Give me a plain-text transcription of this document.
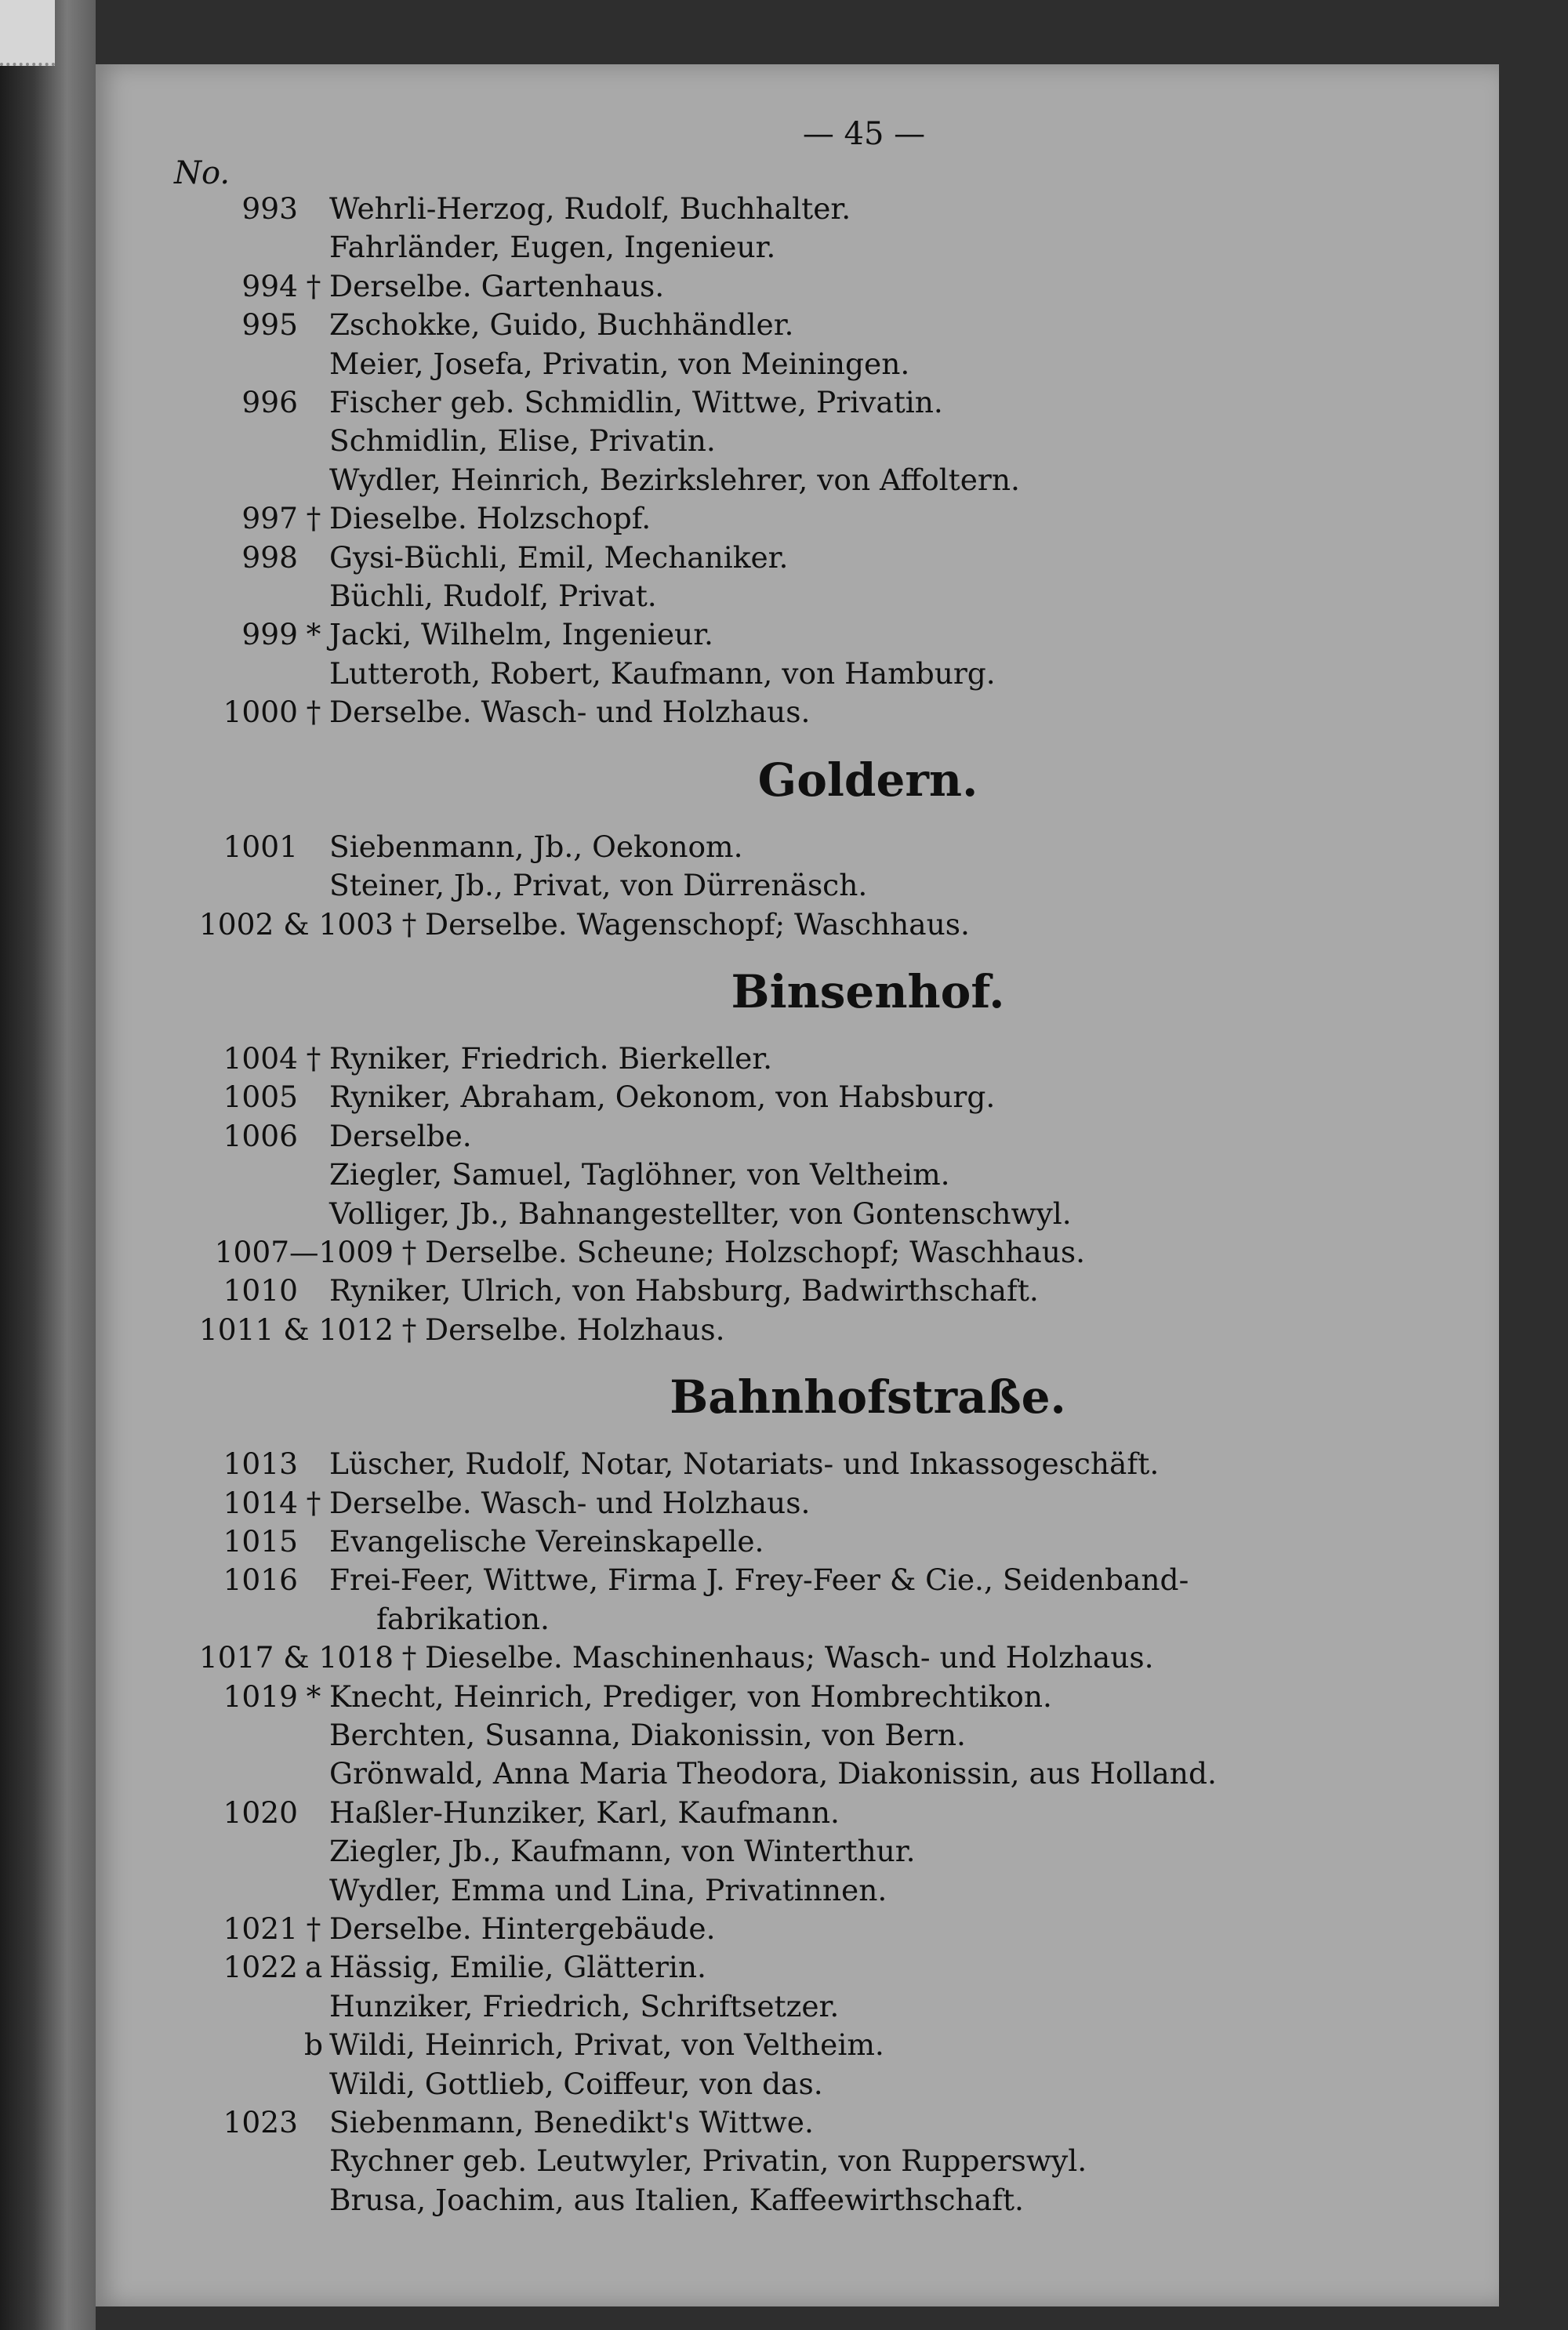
— 45 —
No.
993 Wehrli-Herzog, Rudolf, Buchhalter.
Fahrländer, Eugen, Ingenieur.
994 † Derselbe. Gartenhaus.
995 Zschokke, Guido, Buchhändler.
Meier, Josefa, Privatin, von Meiningen.
996 Fischer geb. Schmidlin, Wittwe, Privatin.
Schmidlin, Elise, Privatin.
Wydler, Heinrich, Bezirkslehrer, von Affoltern.
997 † Dieselbe. Holzschopf.
998 Gysi-Büchli, Emil, Mechaniker.
Büchli, Rudolf, Privat.
999 * Jacki, Wilhelm, Ingenieur.
Lutteroth, Robert, Kaufmann, von Hamburg.
1000 † Derselbe. Wasch- und Holzhaus.
Goldern.
1001 Siebenmann, Jb., Oekonom.
Steiner, Jb., Privat, von Dürrenäsch.
1002 & 1003 † Derselbe. Wagenschopf; Waschhaus.
Binsenhof.
1004 † Ryniker, Friedrich. Bierkeller.
1005 Ryniker, Abraham, Oekonom, von Habsburg.
1006 Derselbe.
Ziegler, Samuel, Taglöhner, von Veltheim.
Volliger, Jb., Bahnangestellter, von Gontenschwyl.
1007—1009 † Derselbe. Scheune; Holzschopf; Waschhaus.
1010 Ryniker, Ulrich, von Habsburg, Badwirthschaft.
1011 & 1012 † Derselbe. Holzhaus.
Bahnhofstraße.
1013 Lüscher, Rudolf, Notar, Notariats- und Inkassogeschäft.
1014 † Derselbe. Wasch- und Holzhaus.
1015 Evangelische Vereinskapelle.
1016 Frei-Feer, Wittwe, Firma J. Frey-Feer & Cie., Seidenband-
fabrikation.
1017 & 1018 † Dieselbe. Maschinenhaus; Wasch- und Holzhaus.
1019 * Knecht, Heinrich, Prediger, von Hombrechtikon.
Berchten, Susanna, Diakonissin, von Bern.
Grönwald, Anna Maria Theodora, Diakonissin, aus Holland.
1020 Haßler-Hunziker, Karl, Kaufmann.
Ziegler, Jb., Kaufmann, von Winterthur.
Wydler, Emma und Lina, Privatinnen.
1021 † Derselbe. Hintergebäude.
1022 a Hässig, Emilie, Glätterin.
Hunziker, Friedrich, Schriftsetzer.
b Wildi, Heinrich, Privat, von Veltheim.
Wildi, Gottlieb, Coiffeur, von das.
1023 Siebenmann, Benedikt's Wittwe.
Rychner geb. Leutwyler, Privatin, von Rupperswyl.
Brusa, Joachim, aus Italien, Kaffeewirthschaft.
